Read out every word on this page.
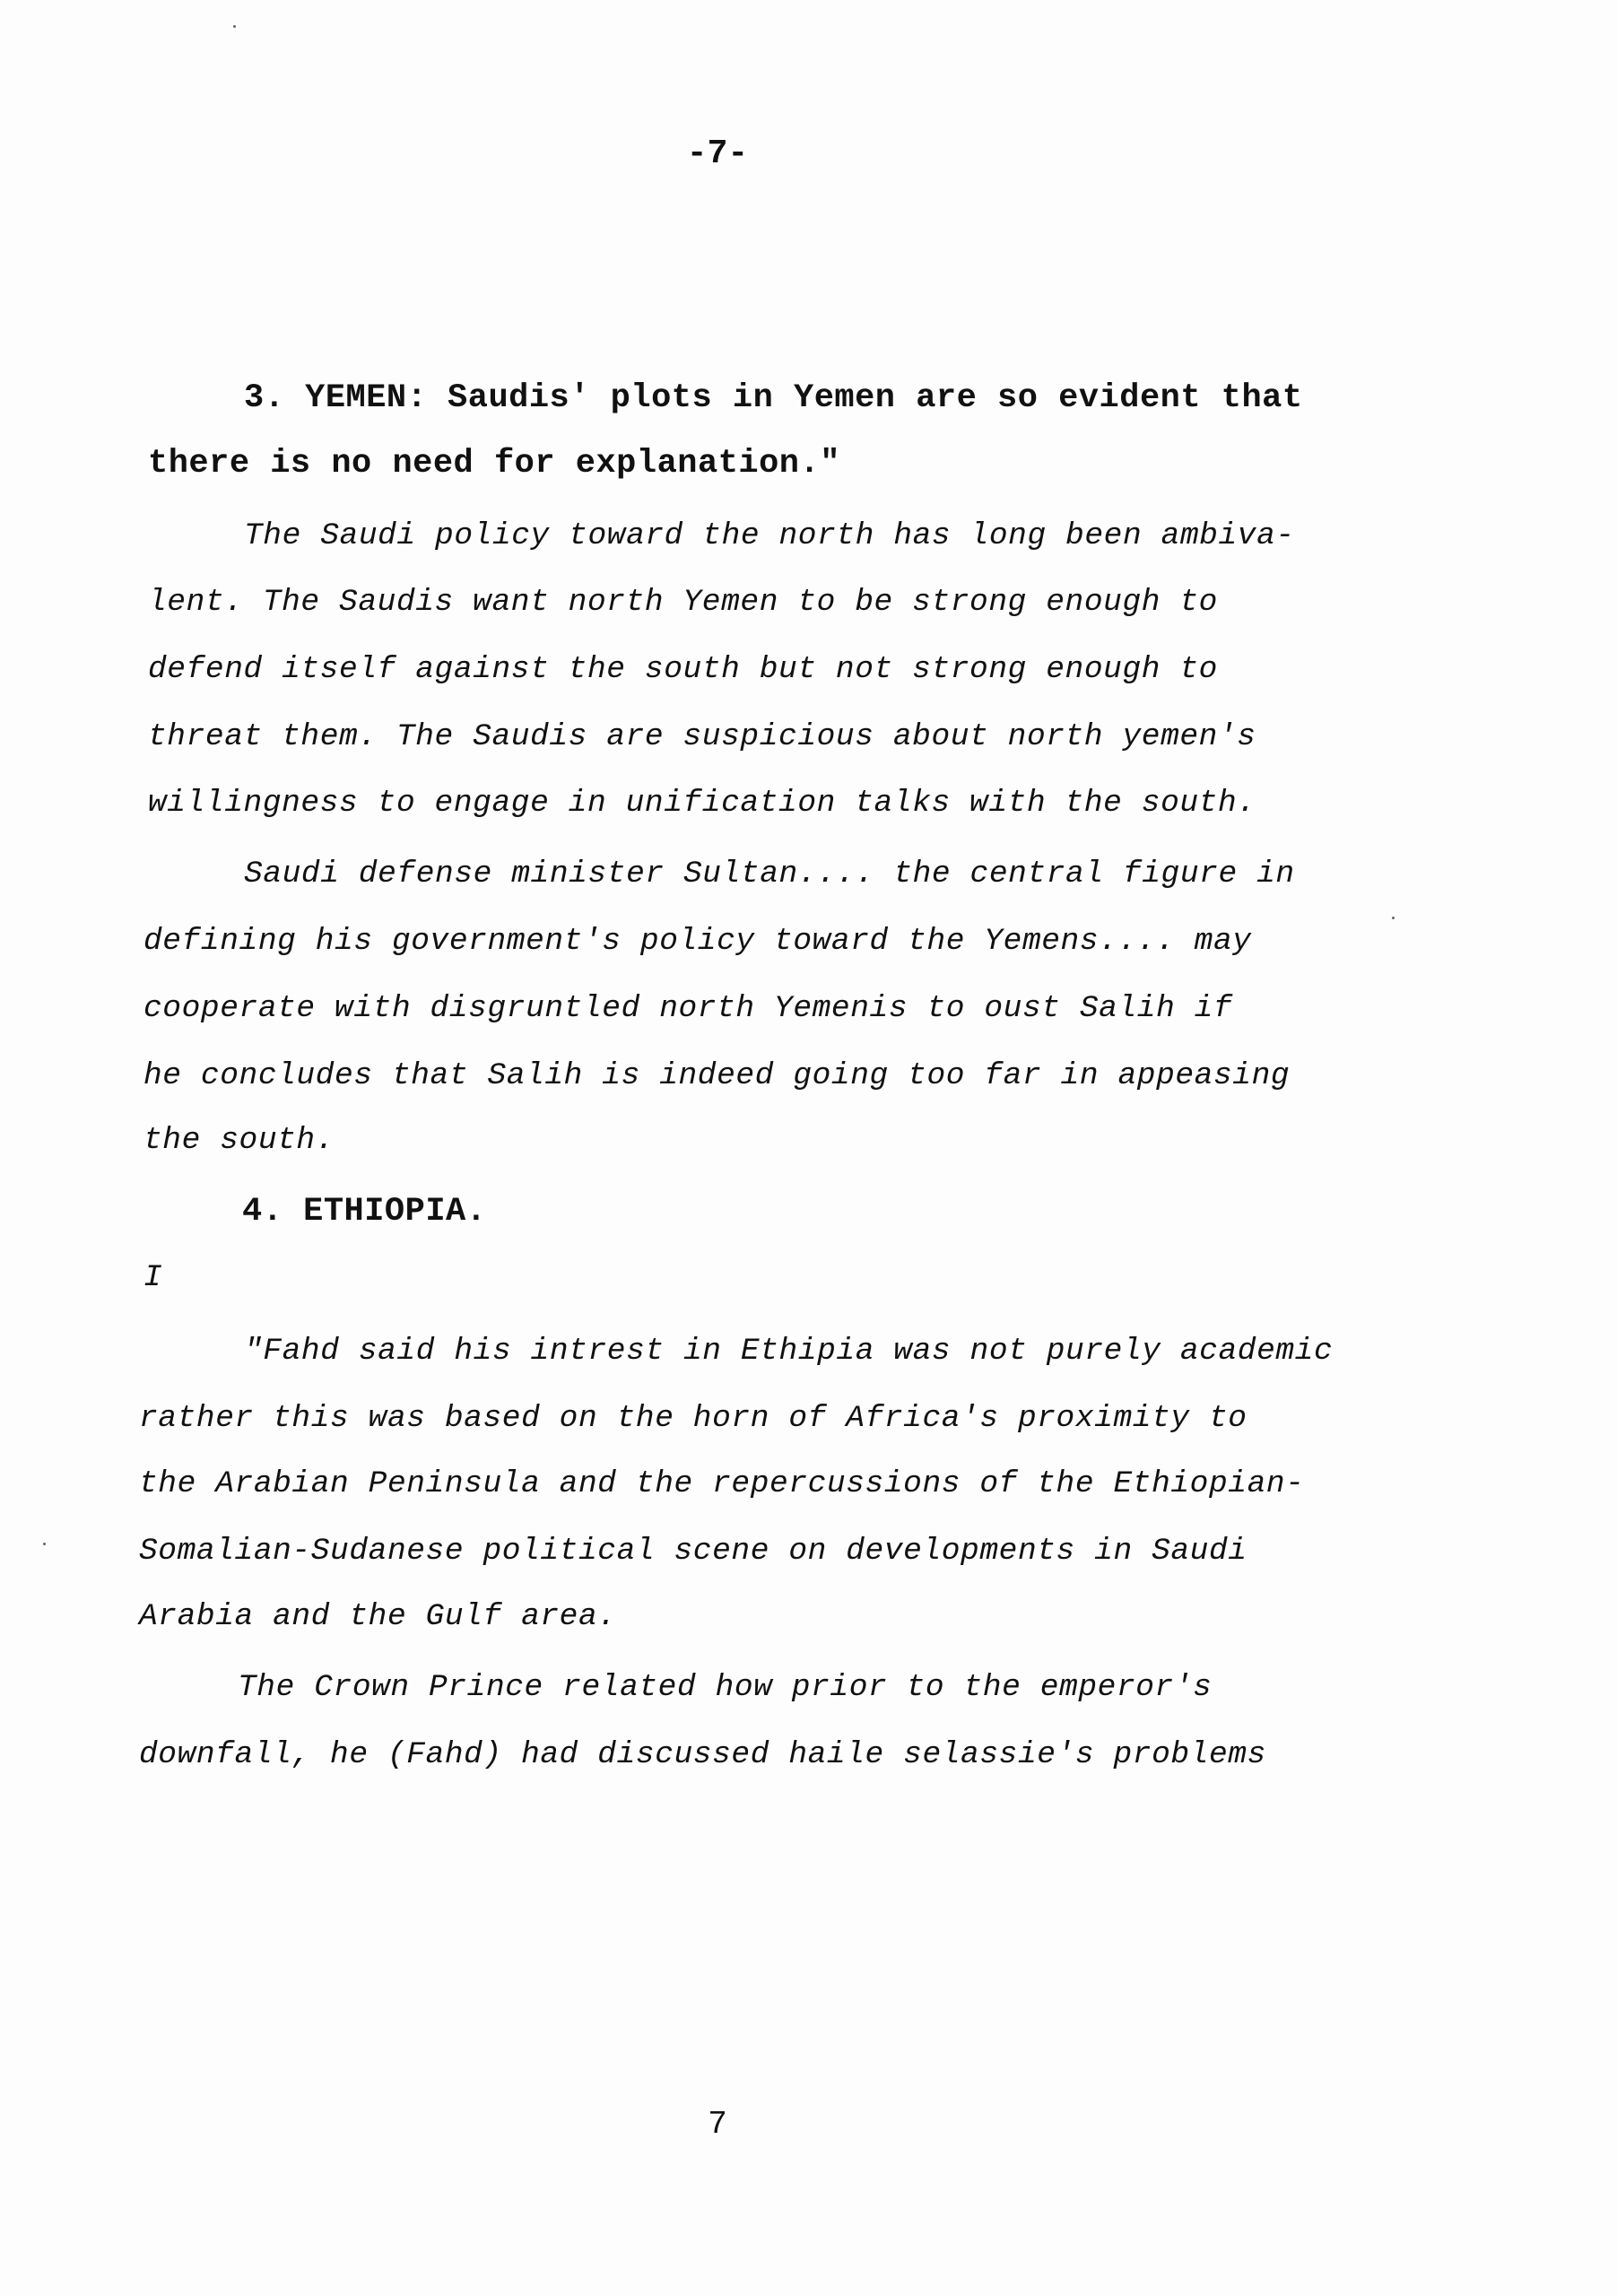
-7-
3. YEMEN: Saudis' plots in Yemen are so evident that
there is no need for explanation."
The Saudi policy toward the north has long been ambiva-
lent. The Saudis want north Yemen to be strong enough to
defend itself against the south but not strong enough to
threat them. The Saudis are suspicious about north yemen's
willingness to engage in unification talks with the south.
Saudi defense minister Sultan.... the central figure in
defining his government's policy toward the Yemens.... may
cooperate with disgruntled north Yemenis to oust Salih if
he concludes that Salih is indeed going too far in appeasing
the south.
4. ETHIOPIA.
I
"Fahd said his intrest in Ethipia was not purely academic
rather this was based on the horn of Africa's proximity to
the Arabian Peninsula and the repercussions of the Ethiopian-
Somalian-Sudanese political scene on developments in Saudi
Arabia and the Gulf area.
The Crown Prince related how prior to the emperor's
downfall, he (Fahd) had discussed haile selassie's problems
7
